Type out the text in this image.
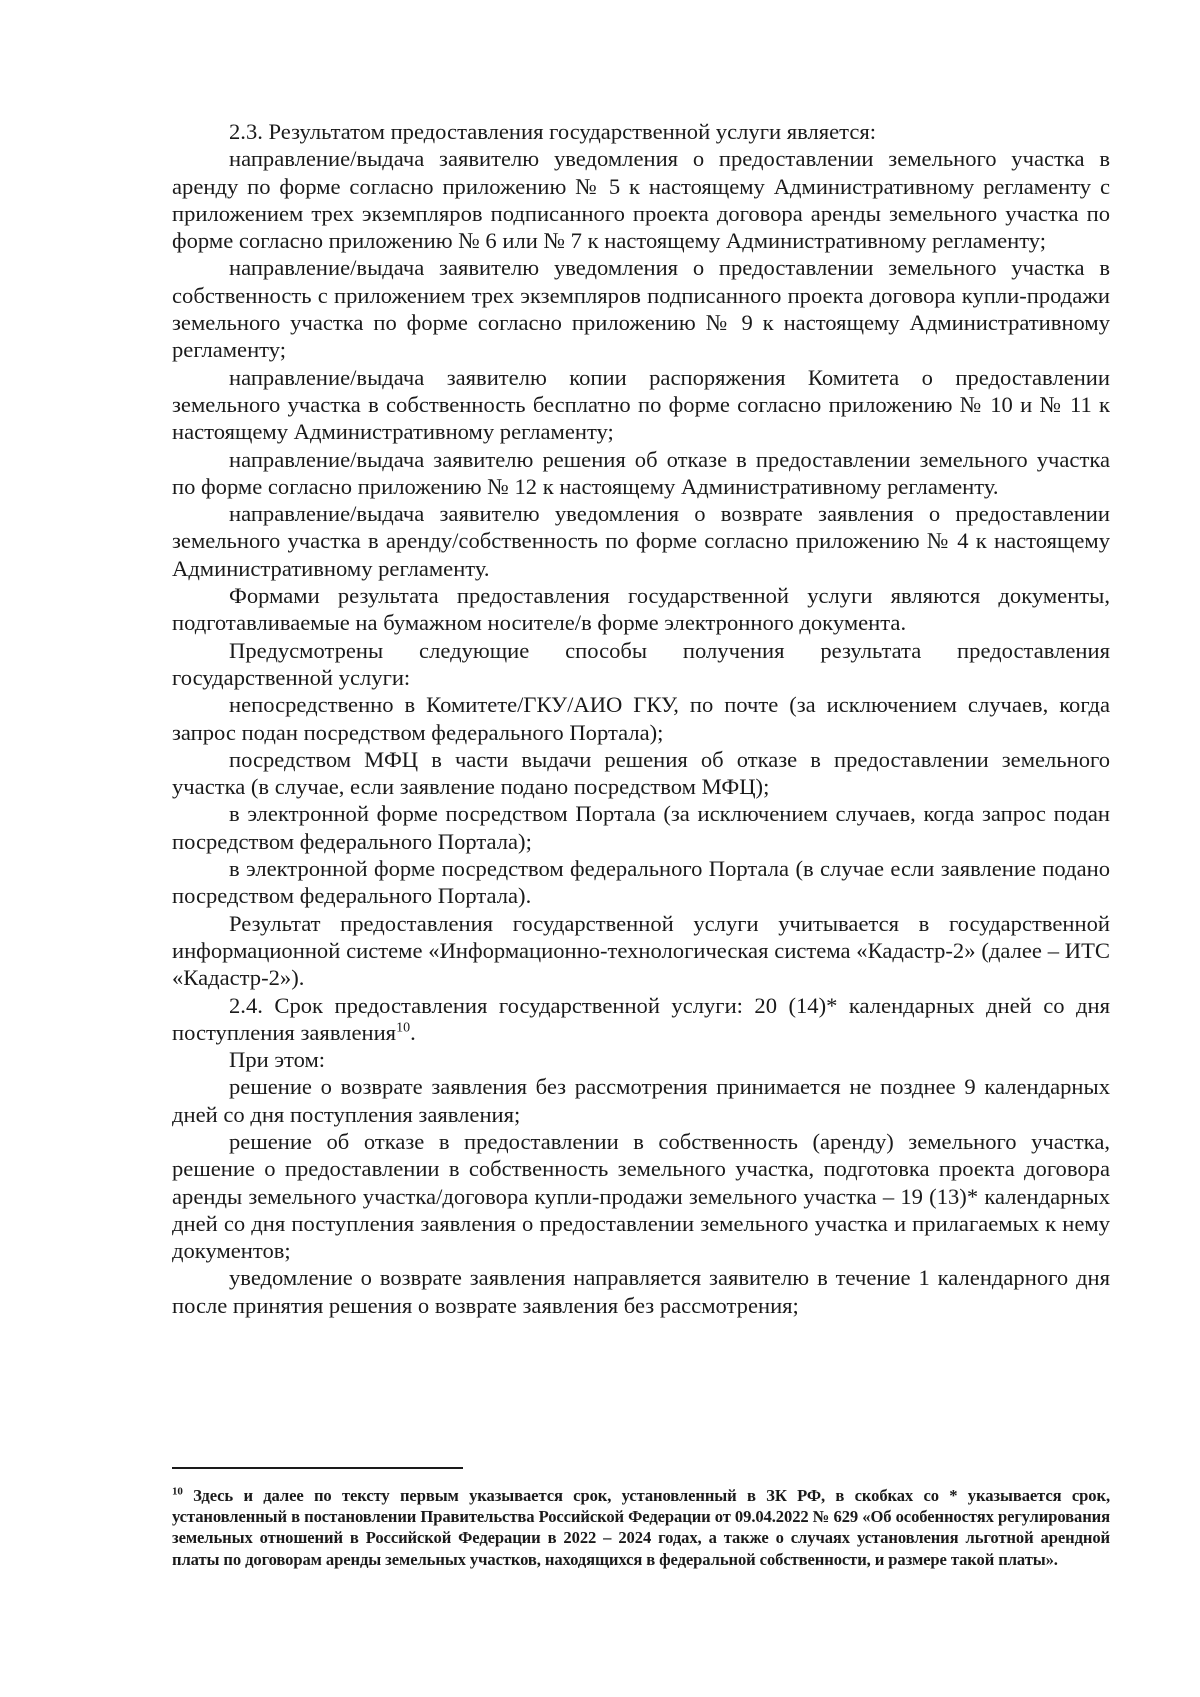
2.3. Результатом предоставления государственной услуги является:

направление/выдача заявителю уведомления о предоставлении земельного участка в аренду по форме согласно приложению № 5 к настоящему Административному регламенту с приложением трех экземпляров подписанного проекта договора аренды земельного участка по форме согласно приложению № 6 или № 7 к настоящему Административному регламенту;

направление/выдача заявителю уведомления о предоставлении земельного участка в собственность с приложением трех экземпляров подписанного проекта договора купли-продажи земельного участка по форме согласно приложению № 9 к настоящему Административному регламенту;

направление/выдача заявителю копии распоряжения Комитета о предоставлении земельного участка в собственность бесплатно по форме согласно приложению № 10 и № 11 к настоящему Административному регламенту;

направление/выдача заявителю решения об отказе в предоставлении земельного участка по форме согласно приложению № 12 к настоящему Административному регламенту.

направление/выдача заявителю уведомления о возврате заявления о предоставлении земельного участка в аренду/собственность по форме согласно приложению № 4 к настоящему Административному регламенту.

Формами результата предоставления государственной услуги являются документы, подготавливаемые на бумажном носителе/в форме электронного документа.

Предусмотрены следующие способы получения результата предоставления государственной услуги:

непосредственно в Комитете/ГКУ/АИО ГКУ, по почте (за исключением случаев, когда запрос подан посредством федерального Портала);

посредством МФЦ в части выдачи решения об отказе в предоставлении земельного участка (в случае, если заявление подано посредством МФЦ);

в электронной форме посредством Портала (за исключением случаев, когда запрос подан посредством федерального Портала);

в электронной форме посредством федерального Портала (в случае если заявление подано посредством федерального Портала).

Результат предоставления государственной услуги учитывается в государственной информационной системе «Информационно-технологическая система «Кадастр-2» (далее – ИТС «Кадастр-2»).

2.4. Срок предоставления государственной услуги: 20 (14)* календарных дней со дня поступления заявления$^{10}$.

При этом:

решение о возврате заявления без рассмотрения принимается не позднее 9 календарных дней со дня поступления заявления;

решение об отказе в предоставлении в собственность (аренду) земельного участка, решение о предоставлении в собственность земельного участка, подготовка проекта договора аренды земельного участка/договора купли-продажи земельного участка – 19 (13)* календарных дней со дня поступления заявления о предоставлении земельного участка и прилагаемых к нему документов;

уведомление о возврате заявления направляется заявителю в течение 1 календарного дня после принятия решения о возврате заявления без рассмотрения;

$^{10}$ Здесь и далее по тексту первым указывается срок, установленный в ЗК РФ, в скобках со * указывается срок, установленный в постановлении Правительства Российской Федерации от 09.04.2022 № 629 «Об особенностях регулирования земельных отношений в Российской Федерации в 2022 – 2024 годах, а также о случаях установления льготной арендной платы по договорам аренды земельных участков, находящихся в федеральной собственности, и размере такой платы».
